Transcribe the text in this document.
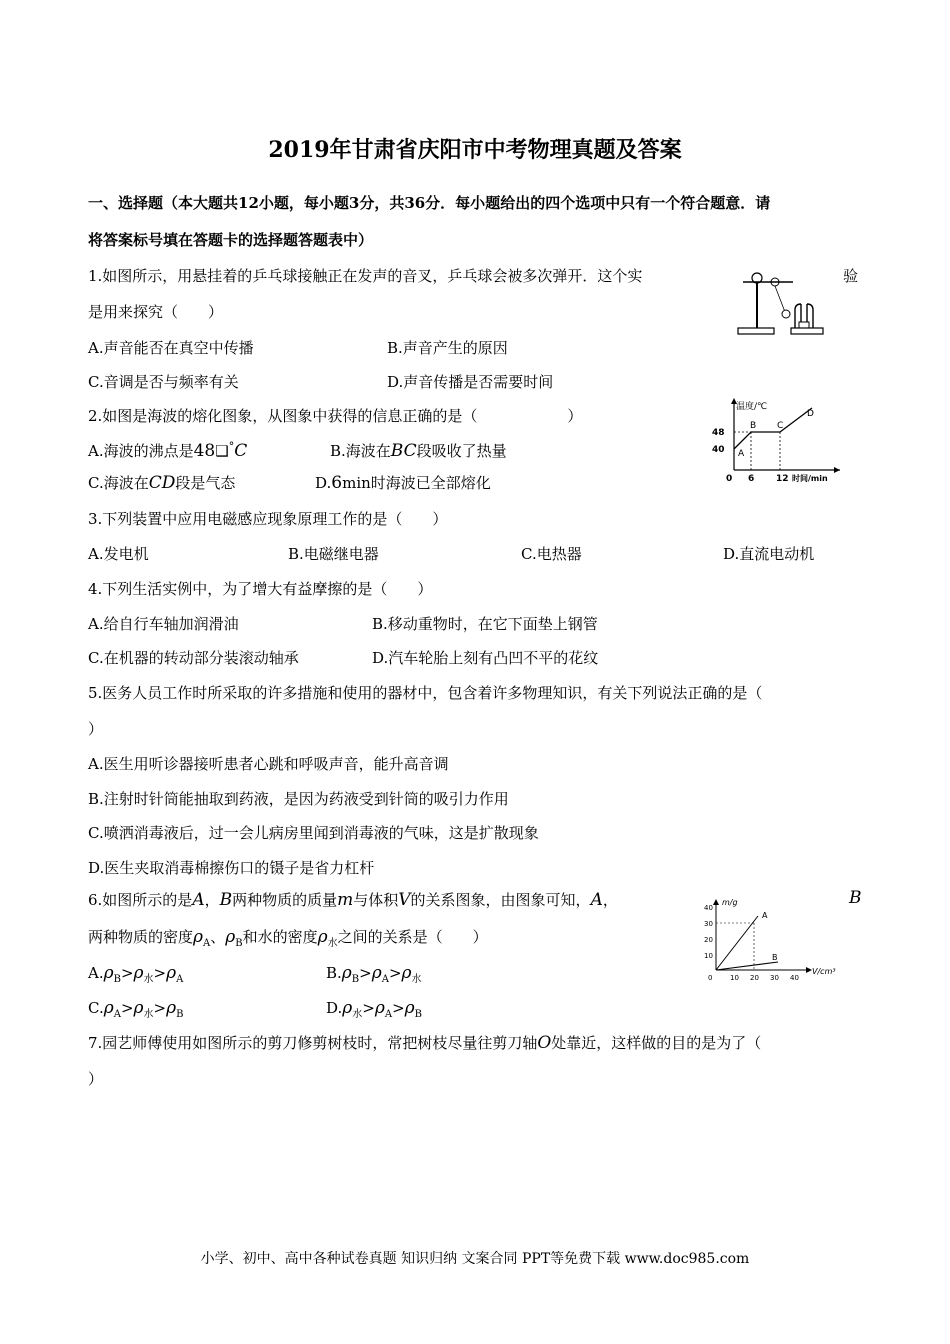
2019年甘肃省庆阳市中考物理真题及答案
一、选择题（本大题共12小题，每小题3分，共36分．每小题给出的四个选项中只有一个符合题意．请
将答案标号填在答题卡的选择题答题表中）
1.如图所示，用悬挂着的乒乓球接触正在发声的音叉，乒乓球会被多次弹开．这个实	验
是用来探究（　　）
A.声音能否在真空中传播	B.声音产生的原因
C.音调是否与频率有关	D.声音传播是否需要时间
2.如图是海波的熔化图象，从图象中获得的信息正确的是（　　　　　　）
A.海波的沸点是48❑°C	B.海波在BC段吸收了热量
C.海波在CD段是气态	D.6min时海波已全部熔化
温度/℃
48
40
0 6 12 时间/min
A
B C
D
3.下列装置中应用电磁感应现象原理工作的是（　　）
A.发电机	B.电磁继电器	C.电热器	D.直流电动机
4.下列生活实例中，为了增大有益摩擦的是（　　）
A.给自行车轴加润滑油	B.移动重物时，在它下面垫上钢管
C.在机器的转动部分装滚动轴承	D.汽车轮胎上刻有凸凹不平的花纹
5.医务人员工作时所采取的许多措施和使用的器材中，包含着许多物理知识，有关下列说法正确的是（
）
A.医生用听诊器接听患者心跳和呼吸声音，能升高音调
B.注射时针筒能抽取到药液，是因为药液受到针筒的吸引力作用
C.喷洒消毒液后，过一会儿病房里闻到消毒液的气味，这是扩散现象
D.医生夹取消毒棉擦伤口的镊子是省力杠杆
6.如图所示的是A，B两种物质的质量m与体积V的关系图象，由图象可知，A，	B
两种物质的密度$\rho_A$、$\rho_B$和水的密度$\rho_水$之间的关系是（　　）
$A.\rho_B>\rho_水>\rho_A$	$B.\rho_B>\rho_A>\rho_水$
$C.\rho_A>\rho_水>\rho_B$	$D.\rho_水>\rho_A>\rho_B$
m/g
V/cm³
40
30
20
10
0	10 20 30 40
A
B
7.园艺师傅使用如图所示的剪刀修剪树枝时，常把树枝尽量往剪刀轴O处靠近，这样做的目的是为了（
）
小学、初中、高中各种试卷真题 知识归纳 文案合同 PPT等免费下载 www.doc985.com
